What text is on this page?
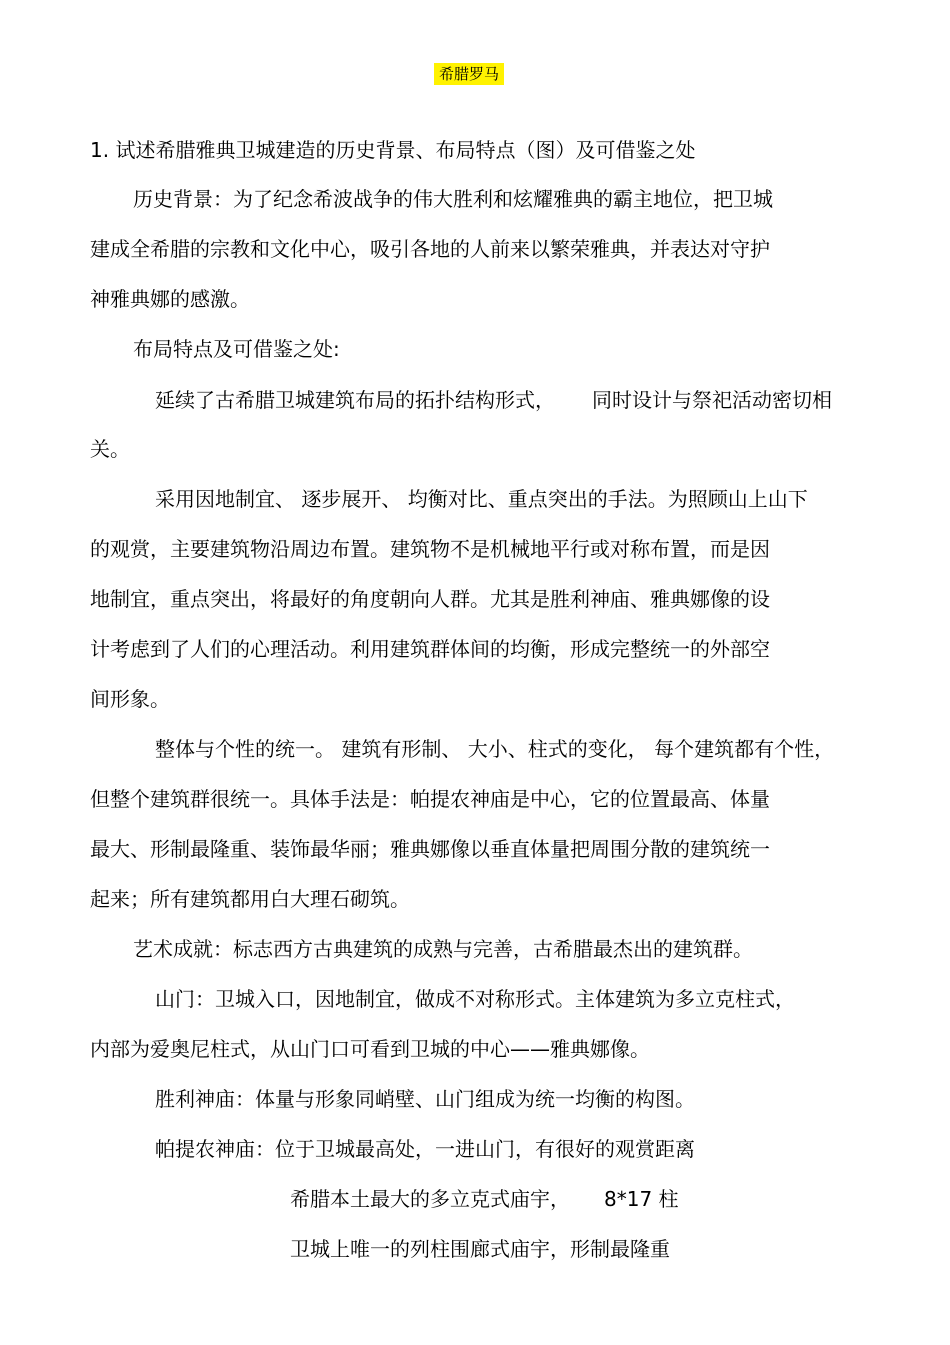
希腊罗马
1. 试述希腊雅典卫城建造的历史背景、布局特点（图）及可借鉴之处
历史背景：为了纪念希波战争的伟大胜利和炫耀雅典的霸主地位，把卫城
建成全希腊的宗教和文化中心，吸引各地的人前来以繁荣雅典，并表达对守护
神雅典娜的感激。
布局特点及可借鉴之处:
延续了古希腊卫城建筑布局的拓扑结构形式， 同时设计与祭祀活动密切相
关。
采用因地制宜、 逐步展开、 均衡对比、重点突出的手法。为照顾山上山下
的观赏，主要建筑物沿周边布置。建筑物不是机械地平行或对称布置，而是因
地制宜，重点突出，将最好的角度朝向人群。尤其是胜利神庙、雅典娜像的设
计考虑到了人们的心理活动。利用建筑群体间的均衡，形成完整统一的外部空
间形象。
整体与个性的统一。 建筑有形制、 大小、柱式的变化， 每个建筑都有个性，
但整个建筑群很统一。具体手法是：帕提农神庙是中心，它的位置最高、体量
最大、形制最隆重、装饰最华丽；雅典娜像以垂直体量把周围分散的建筑统一
起来；所有建筑都用白大理石砌筑。
艺术成就：标志西方古典建筑的成熟与完善，古希腊最杰出的建筑群。
山门：卫城入口，因地制宜，做成不对称形式。主体建筑为多立克柱式，
内部为爱奥尼柱式，从山门口可看到卫城的中心——雅典娜像。
胜利神庙：体量与形象同峭壁、山门组成为统一均衡的构图。
帕提农神庙：位于卫城最高处，一进山门，有很好的观赏距离
希腊本土最大的多立克式庙宇， 8*17 柱
卫城上唯一的列柱围廊式庙宇，形制最隆重
